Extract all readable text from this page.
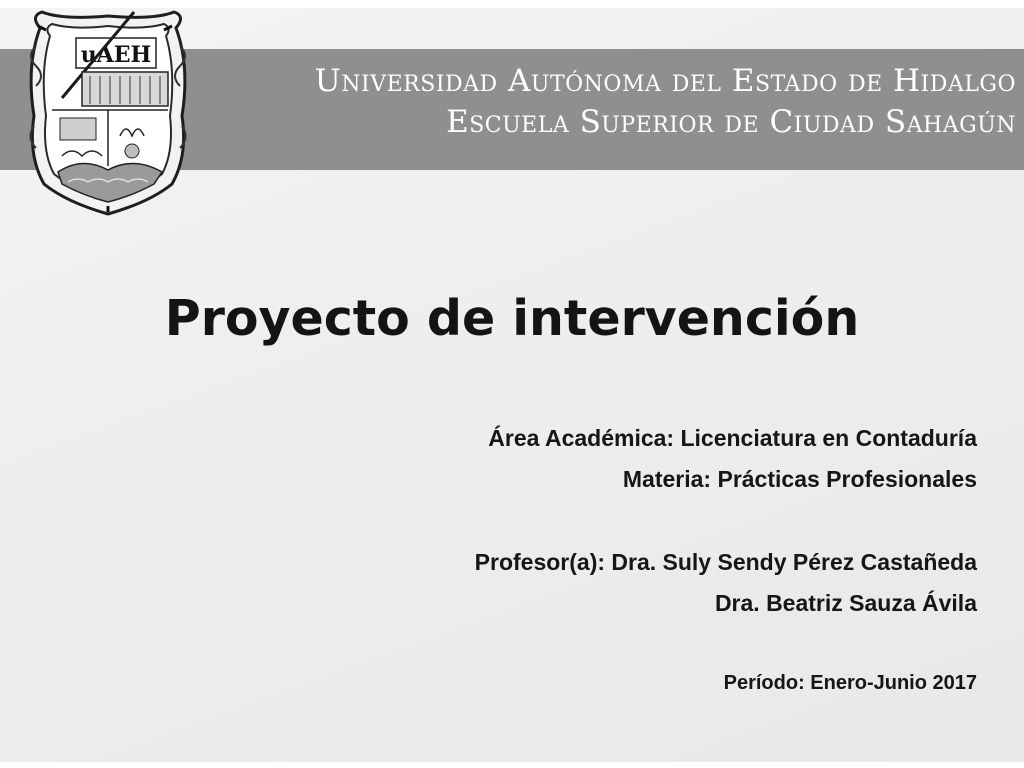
Universidad Autónoma del Estado de Hidalgo
Escuela Superior de Ciudad Sahagún
uAEH
Proyecto de intervención
Área Académica: Licenciatura en Contaduría
Materia: Prácticas Profesionales
Profesor(a): Dra. Suly Sendy Pérez Castañeda
Dra. Beatriz Sauza Ávila
Período: Enero-Junio 2017
